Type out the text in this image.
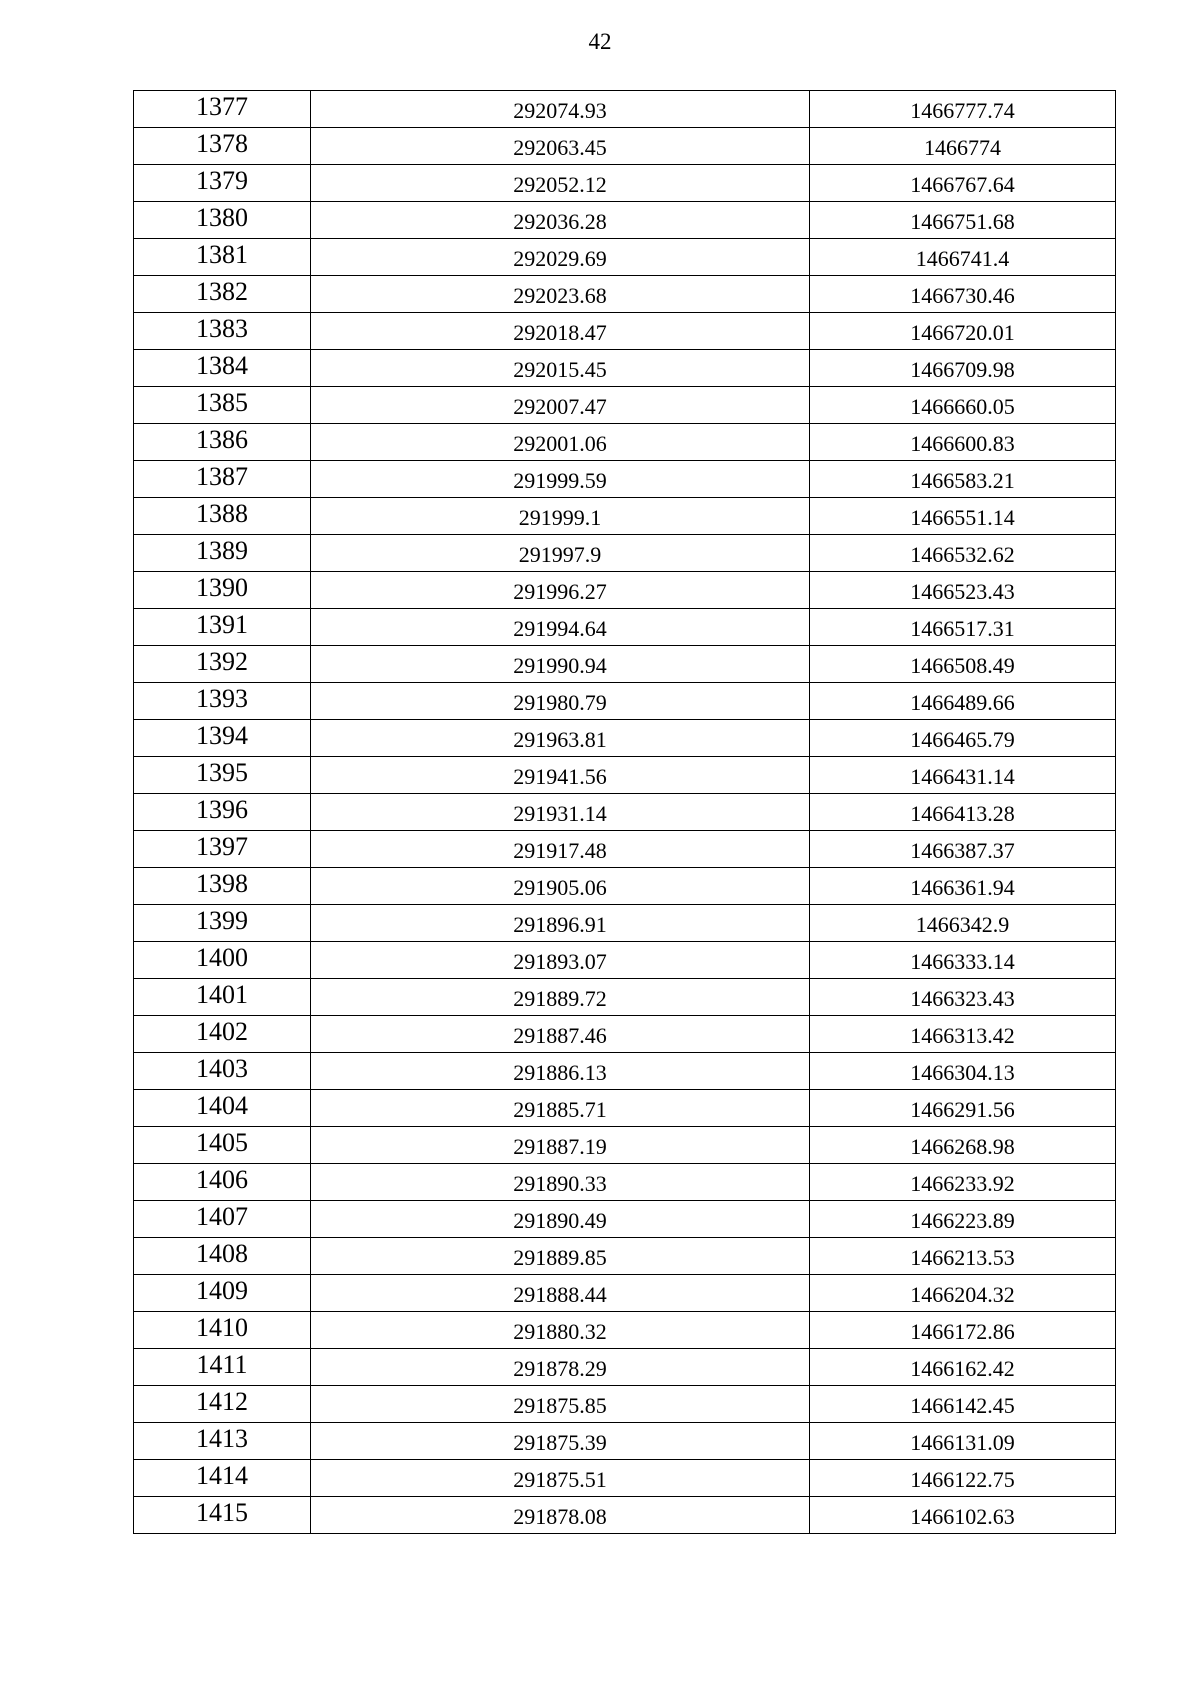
42
1377	292074.93	1466777.74
1378	292063.45	1466774
1379	292052.12	1466767.64
1380	292036.28	1466751.68
1381	292029.69	1466741.4
1382	292023.68	1466730.46
1383	292018.47	1466720.01
1384	292015.45	1466709.98
1385	292007.47	1466660.05
1386	292001.06	1466600.83
1387	291999.59	1466583.21
1388	291999.1	1466551.14
1389	291997.9	1466532.62
1390	291996.27	1466523.43
1391	291994.64	1466517.31
1392	291990.94	1466508.49
1393	291980.79	1466489.66
1394	291963.81	1466465.79
1395	291941.56	1466431.14
1396	291931.14	1466413.28
1397	291917.48	1466387.37
1398	291905.06	1466361.94
1399	291896.91	1466342.9
1400	291893.07	1466333.14
1401	291889.72	1466323.43
1402	291887.46	1466313.42
1403	291886.13	1466304.13
1404	291885.71	1466291.56
1405	291887.19	1466268.98
1406	291890.33	1466233.92
1407	291890.49	1466223.89
1408	291889.85	1466213.53
1409	291888.44	1466204.32
1410	291880.32	1466172.86
1411	291878.29	1466162.42
1412	291875.85	1466142.45
1413	291875.39	1466131.09
1414	291875.51	1466122.75
1415	291878.08	1466102.63
